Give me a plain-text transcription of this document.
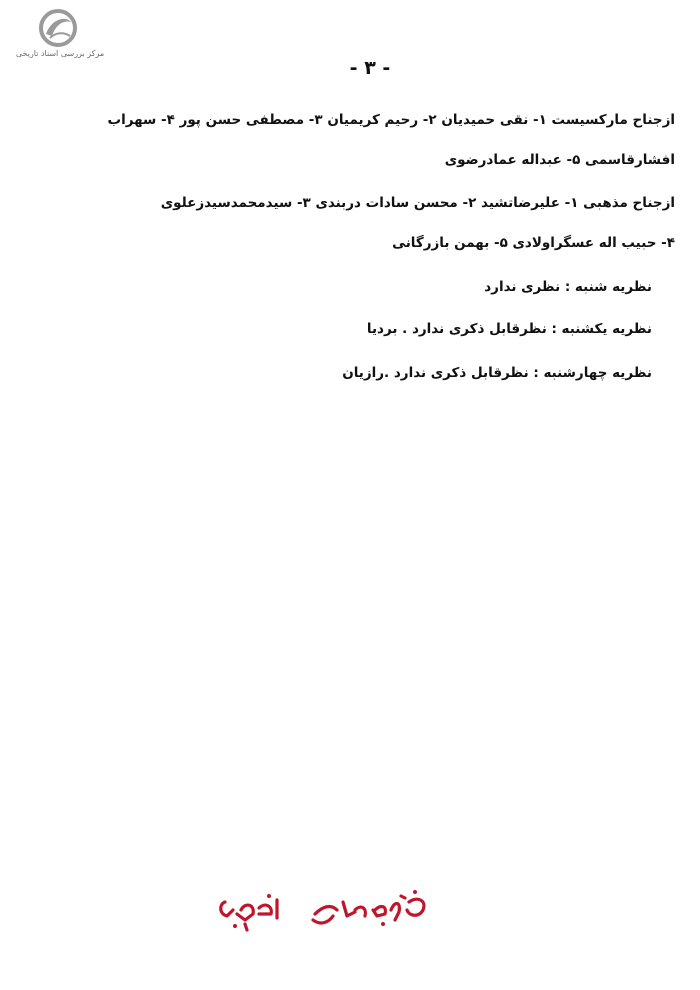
مرکز بررسی اسناد تاریخی
- ۳ -
ازجناح مارکسیست ۱- نقی حمیدیان ۲- رحیم کریمیان ۳- مصطفی حسن پور ۴- سهراب
افشارقاسمی ۵- عبداله عمادرضوی
ازجناح مذهبی ۱- علیرضاتشید ۲- محسن سادات دربندی ۳- سیدمحمدسیدزعلوی
۴- حبیب اله عسگراولادی ۵- بهمن بازرگانی
نظریه شنبه : نظری ندارد
نظریه یکشنبه : نظرقابل ذکری ندارد . بردیا
نظریه چهارشنبه : نظرقابل ذکری ندارد .رازیان
